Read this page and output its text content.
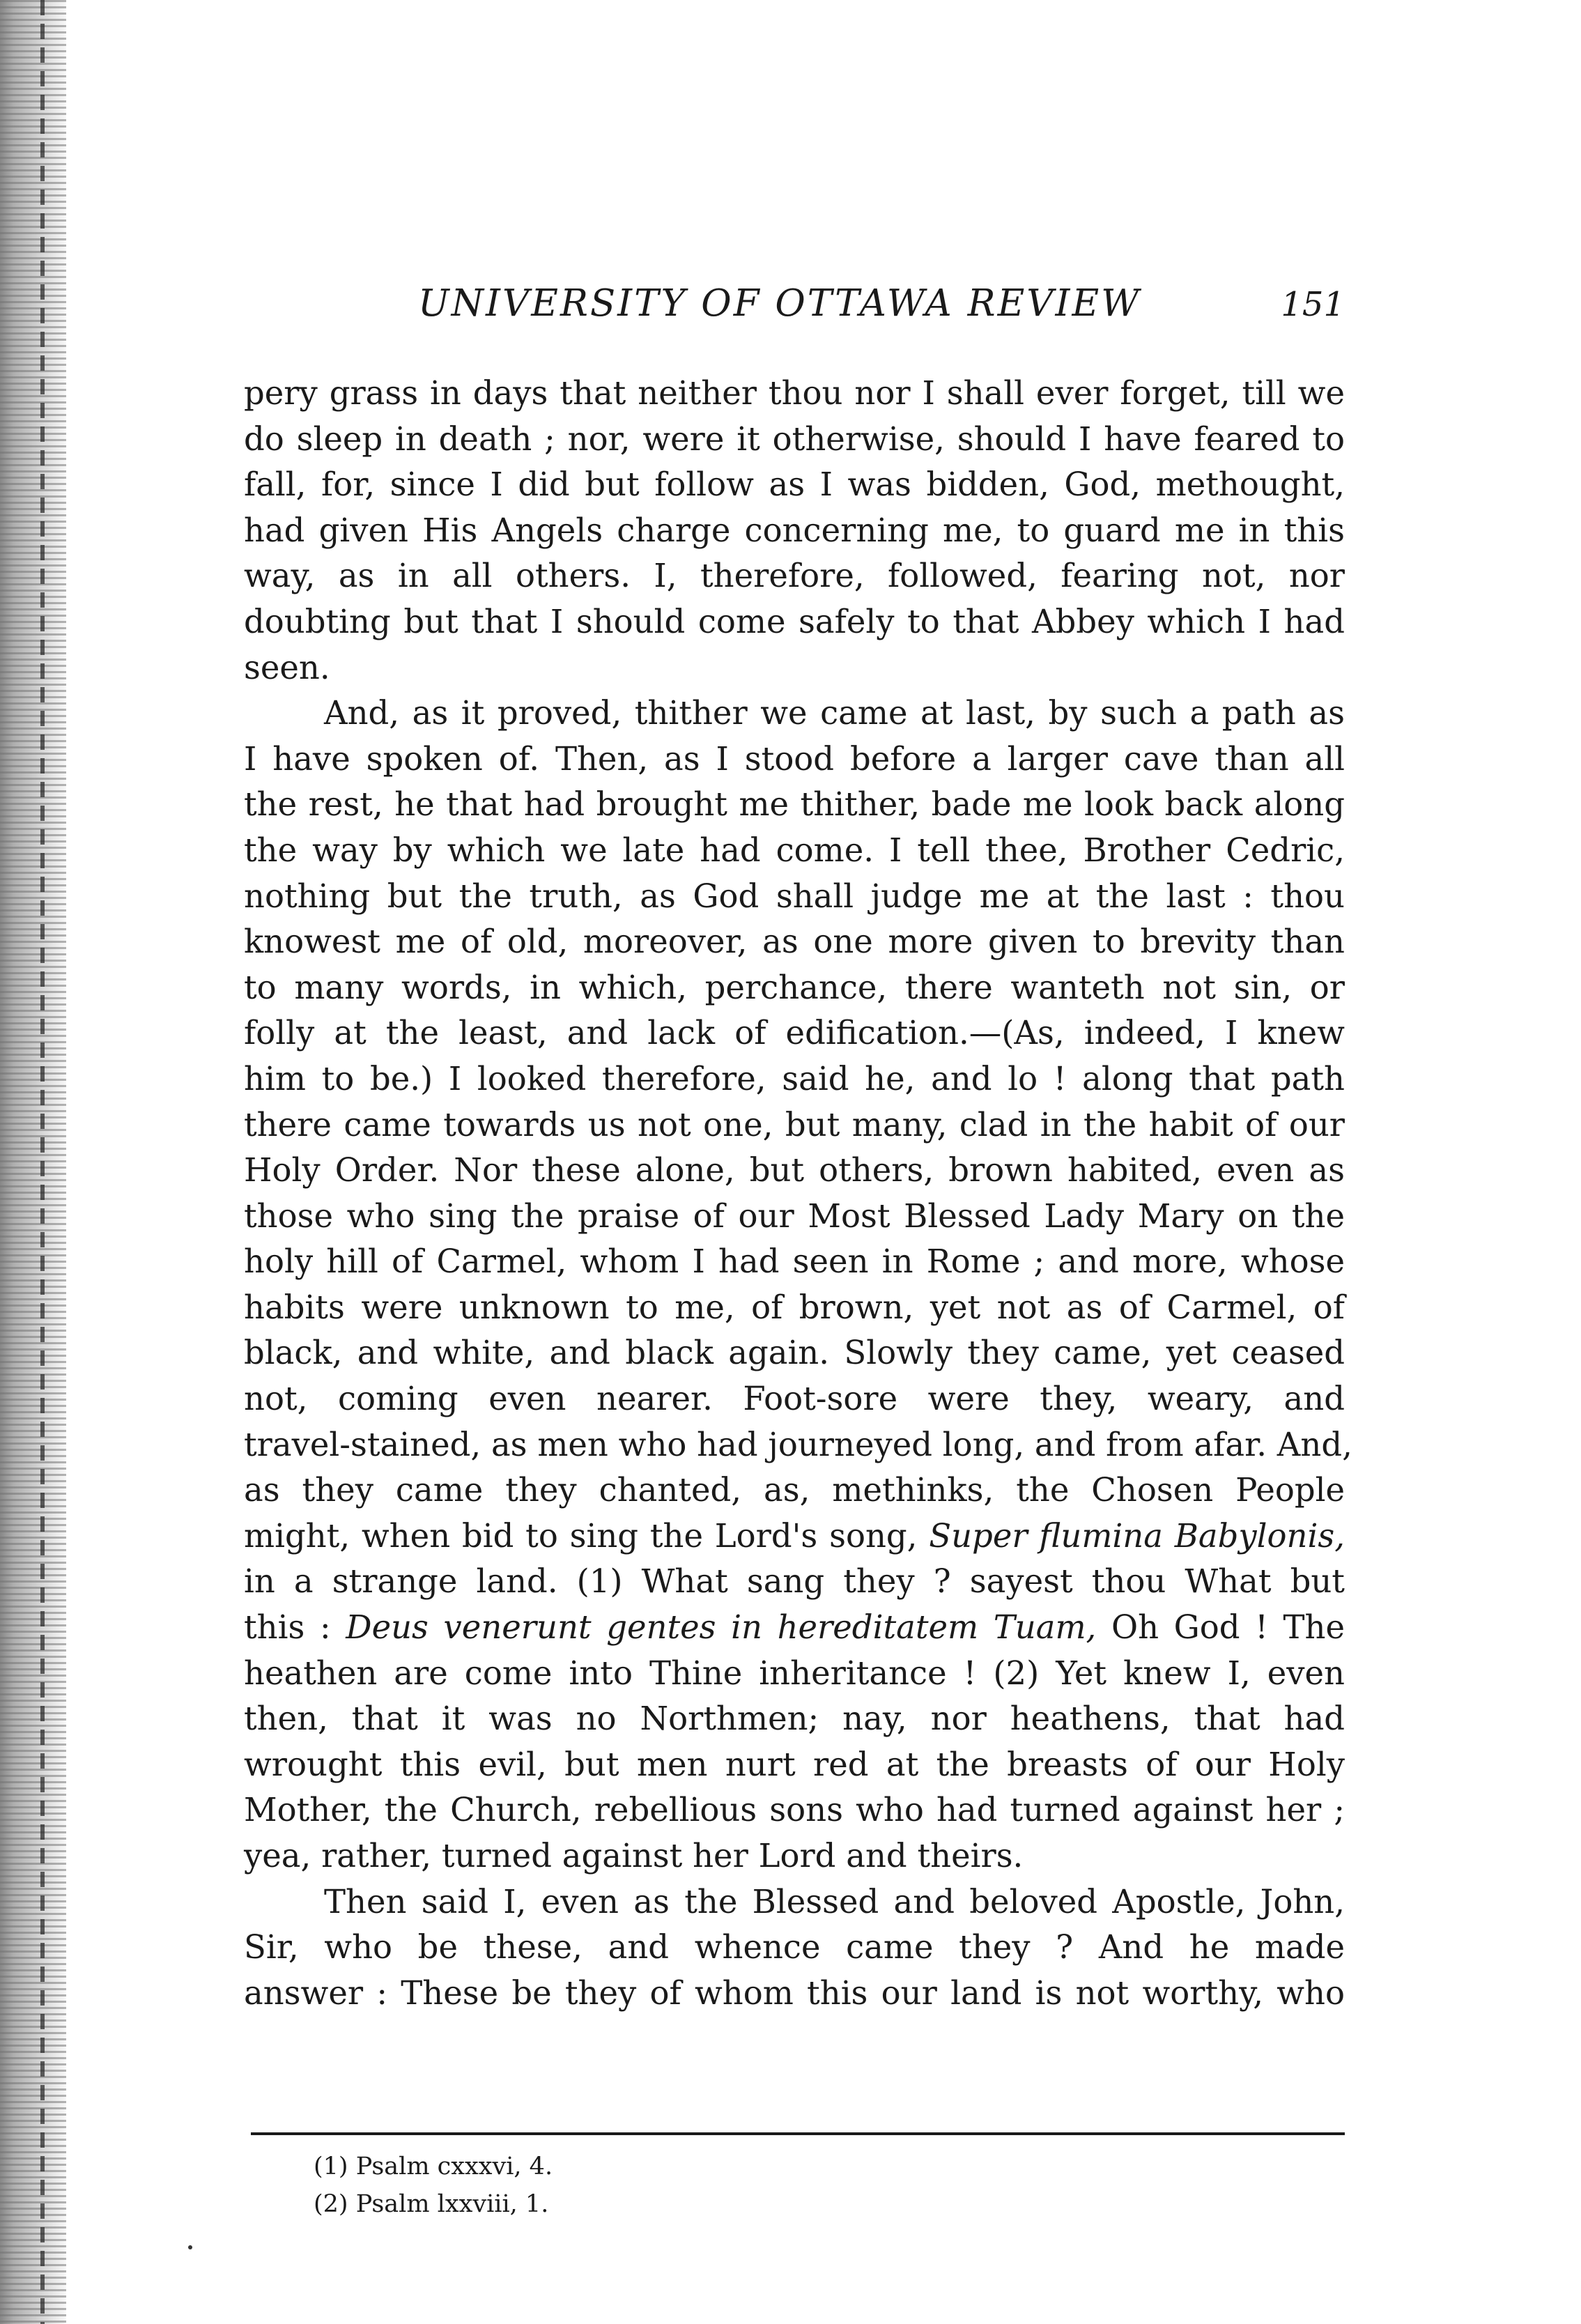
UNIVERSITY OF OTTAWA REVIEW	151
pery grass in days that neither thou nor I shall ever forget, till we
do sleep in death ; nor, were it otherwise, should I have feared to
fall, for, since I did but follow as I was bidden, God, methought,
had given His Angels charge concerning me, to guard me in this
way, as in all others. I, therefore, followed, fearing not, nor
doubting but that I should come safely to that Abbey which I had
seen.
And, as it proved, thither we came at last, by such a path as
I have spoken of. Then, as I stood before a larger cave than all
the rest, he that had brought me thither, bade me look back along
the way by which we late had come. I tell thee, Brother Cedric,
nothing but the truth, as God shall judge me at the last : thou
knowest me of old, moreover, as one more given to brevity than
to many words, in which, perchance, there wanteth not sin, or
folly at the least, and lack of edification.—(As, indeed, I knew
him to be.) I looked therefore, said he, and lo ! along that path
there came towards us not one, but many, clad in the habit of our
Holy Order. Nor these alone, but others, brown habited, even as
those who sing the praise of our Most Blessed Lady Mary on the
holy hill of Carmel, whom I had seen in Rome ; and more, whose
habits were unknown to me, of brown, yet not as of Carmel, of
black, and white, and black again. Slowly they came, yet ceased
not, coming even nearer. Foot-sore were they, weary, and
travel-stained, as men who had journeyed long, and from afar. And,
as they came they chanted, as, methinks, the Chosen People
might, when bid to sing the Lord's song, Super flumina Babylonis,
in a strange land. (1) What sang they ? sayest thou What but
this : Deus venerunt gentes in hereditatem Tuam, Oh God ! The
heathen are come into Thine inheritance ! (2) Yet knew I, even
then, that it was no Northmen; nay, nor heathens, that had
wrought this evil, but men nurt red at the breasts of our Holy
Mother, the Church, rebellious sons who had turned against her ;
yea, rather, turned against her Lord and theirs.
Then said I, even as the Blessed and beloved Apostle, John,
Sir, who be these, and whence came they ? And he made
answer : These be they of whom this our land is not worthy, who
(1) Psalm cxxxvi, 4.
(2) Psalm lxxviii, 1.
